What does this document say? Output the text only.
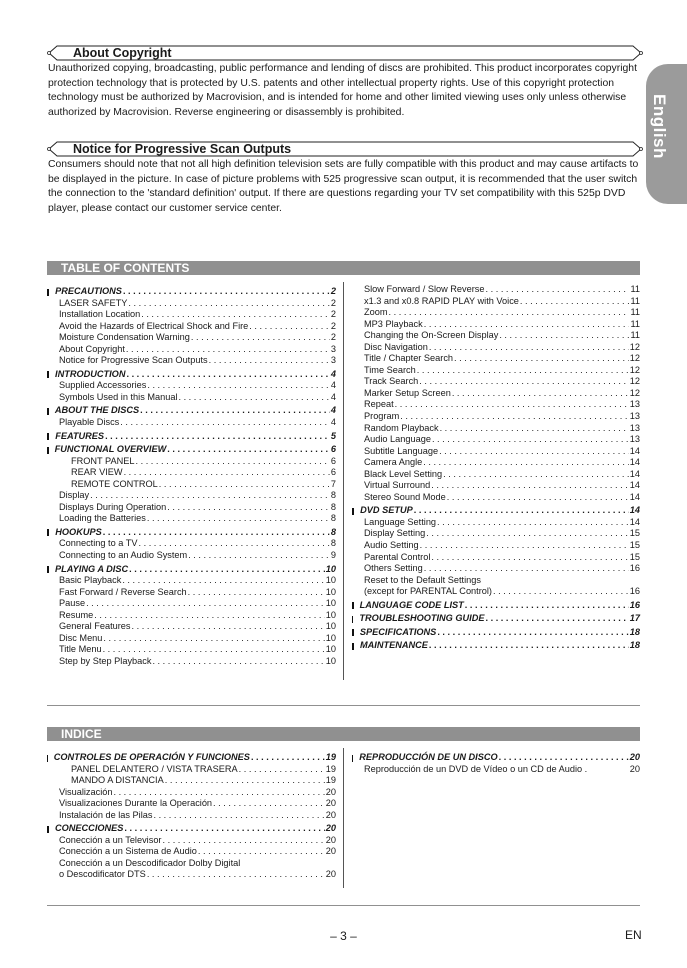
About Copyright
Unauthorized copying, broadcasting, public performance and lending of discs are prohibited. This product incorporates copyright protection technology that is protected by U.S. patents and other intellectual property rights. Use of this copyright protection technology must be authorized by Macrovision, and is intended for home and other limited viewing uses only unless otherwise authorized by Macrovision. Reverse engineering or disassembly is prohibited.
Notice for Progressive Scan Outputs
Consumers should note that not all high definition television sets are fully compatible with this product and may cause artifacts to be displayed in the picture. In case of picture problems with 525 progressive scan output, it is recommended that the user switch the connection to the 'standard definition' output. If there are questions regarding your TV set compatibility with this 525p DVD player, please contact our customer service center.
English
TABLE OF CONTENTS
PRECAUTIONS . . .	2
LASER SAFETY . . .	2
Installation Location . . .	2
Avoid the Hazards of Electrical Shock and Fire . . .	2
Moisture Condensation Warning . . .	2
About Copyright . . .	3
Notice for Progressive Scan Outputs . . .	3
INTRODUCTION . . .	4
Supplied Accessories . . .	4
Symbols Used in this Manual . . .	4
ABOUT THE DISCS . . .	4
Playable Discs . . .	4
FEATURES . . .	5
FUNCTIONAL OVERVIEW . . .	6
FRONT PANEL . . .	6
REAR VIEW . . .	6
REMOTE CONTROL . . .	7
Display . . .	8
Displays During Operation . . .	8
Loading the Batteries . . .	8
HOOKUPS . . .	8
Connecting to a TV . . .	8
Connecting to an Audio System . . .	9
PLAYING A DISC . . .	10
Basic Playback . . .	10
Fast Forward / Reverse Search . . .	10
Pause . . .	10
Resume . . .	10
General Features . . .	10
Disc Menu . . .	10
Title Menu . . .	10
Step by Step Playback . . .	10
Slow Forward / Slow Reverse . . .	11
x1.3 and x0.8 RAPID PLAY with Voice . . .	11
Zoom . . .	11
MP3 Playback . . .	11
Changing the On-Screen Display . . .	11
Disc Navigation . . .	12
Title / Chapter Search . . .	12
Time Search . . .	12
Track Search . . .	12
Marker Setup Screen . . .	12
Repeat . . .	13
Program . . .	13
Random Playback . . .	13
Audio Language . . .	13
Subtitle Language . . .	14
Camera Angle . . .	14
Black Level Setting . . .	14
Virtual Surround . . .	14
Stereo Sound Mode . . .	14
DVD SETUP . . .	14
Language Setting . . .	14
Display Setting . . .	15
Audio Setting . . .	15
Parental Control . . .	15
Others Setting . . .	16
Reset to the Default Settings
(except for PARENTAL Control) . . .	16
LANGUAGE CODE LIST . . .	16
TROUBLESHOOTING GUIDE . . .	17
SPECIFICATIONS . . .	18
MAINTENANCE . . .	18
INDICE
CONTROLES DE OPERACIÓN Y FUNCIONES . . .	19
PANEL DELANTERO / VISTA TRASERA . . .	19
MANDO A DISTANCIA . . .	19
Visualización . . .	20
Visualizaciones Durante la Operación . . .	20
Instalación de las Pilas . . .	20
CONECCIONES . . .	20
Conección a un Televisor . . .	20
Conección a un Sistema de Audio . . .	20
Conección a un Descodificador Dolby Digital
o Descodificator DTS . . .	20
REPRODUCCIÓN DE UN DISCO . . .	20
Reproducción de un DVD de Vídeo o un CD de Audio .	20
– 3 –	EN
